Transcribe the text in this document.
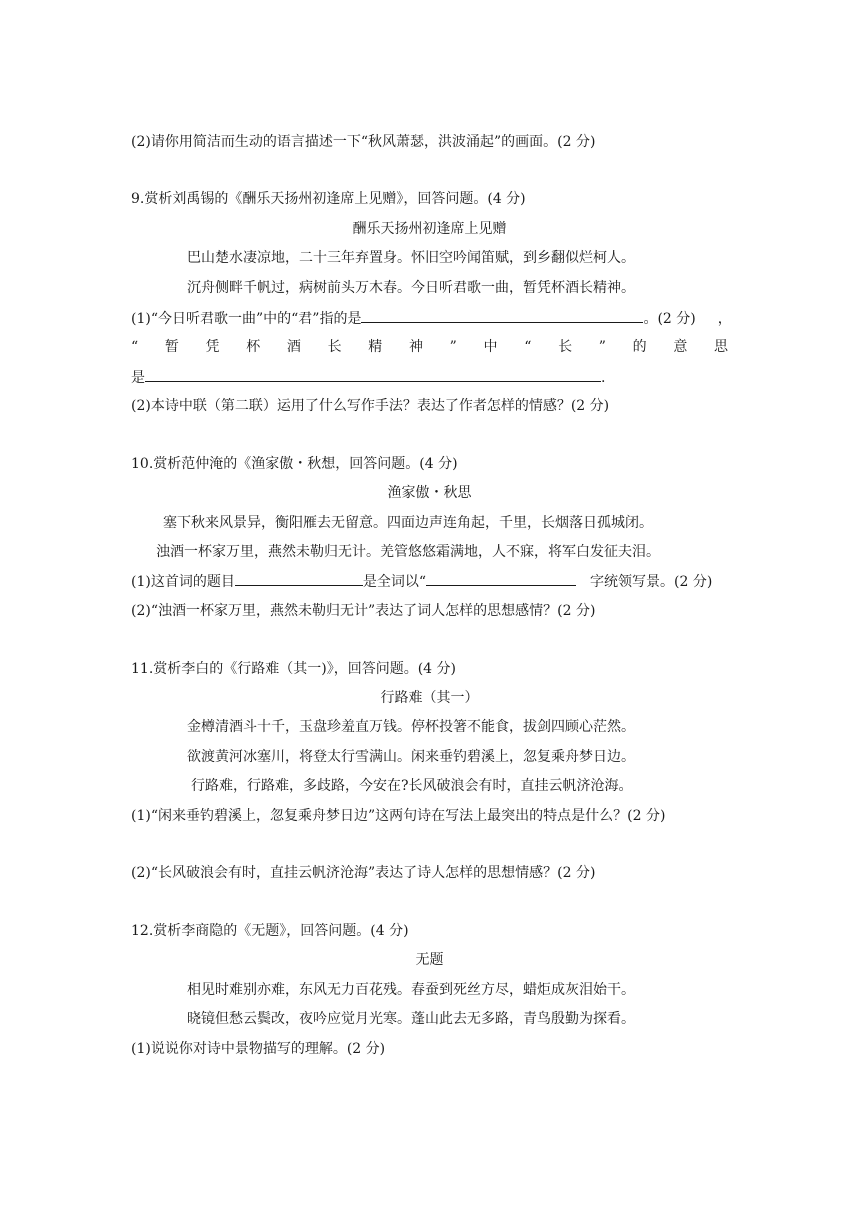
(2)请你用简洁而生动的语言描述一下“秋风萧瑟，洪波涌起”的画面。(2 分)
9.赏析刘禹锡的《酬乐天扬州初逢席上见赠》，回答问题。(4 分)
酬乐天扬州初逢席上见赠
巴山楚水凄凉地，二十三年弃置身。怀旧空吟闻笛赋，到乡翻似烂柯人。
沉舟侧畔千帆过，病树前头万木春。今日听君歌一曲，暂凭杯酒长精神。
(1)“今日听君歌一曲”中的“君”指的是	。(2 分) ，
“ 暂 凭 杯 酒 长 精 神 ” 中 “ 长 ” 的 意 思
是	.
(2)本诗中联（第二联）运用了什么写作手法？表达了作者怎样的情感？(2 分)
10.赏析范仲淹的《渔家傲・秋想，回答问题。(4 分)
渔家傲・秋思
塞下秋来风景异，衡阳雁去无留意。四面边声连角起，千里，长烟落日孤城闭。
浊酒一杯家万里，燕然未勒归无计。羌管悠悠霜满地，人不寐，将军白发征夫泪。
(1)这首词的题目	是全词以“	字统领写景。(2 分)
(2)“浊酒一杯家万里，燕然未勒归无计”表达了词人怎样的思想感情？(2 分)
11.赏析李白的《行路难（其一)》，回答问题。(4 分)
行路难（其一）
金樽清酒斗十千，玉盘珍羞直万钱。停杯投箸不能食，拔剑四顾心茫然。
欲渡黄河冰塞川，将登太行雪满山。闲来垂钓碧溪上，忽复乘舟梦日边。
行路难，行路难，多歧路，今安在?长风破浪会有时，直挂云帆济沧海。
(1)“闲来垂钓碧溪上，忽复乘舟梦日边”这两句诗在写法上最突出的特点是什么？(2 分)
(2)“长风破浪会有时，直挂云帆济沧海”表达了诗人怎样的思想情感？(2 分)
12.赏析李商隐的《无题》，回答问题。(4 分)
无题
相见时难别亦难，东风无力百花残。春蚕到死丝方尽，蜡炬成灰泪始干。
晓镜但愁云鬓改，夜吟应觉月光寒。蓬山此去无多路，青鸟殷勤为探看。
(1)说说你对诗中景物描写的理解。(2 分)
